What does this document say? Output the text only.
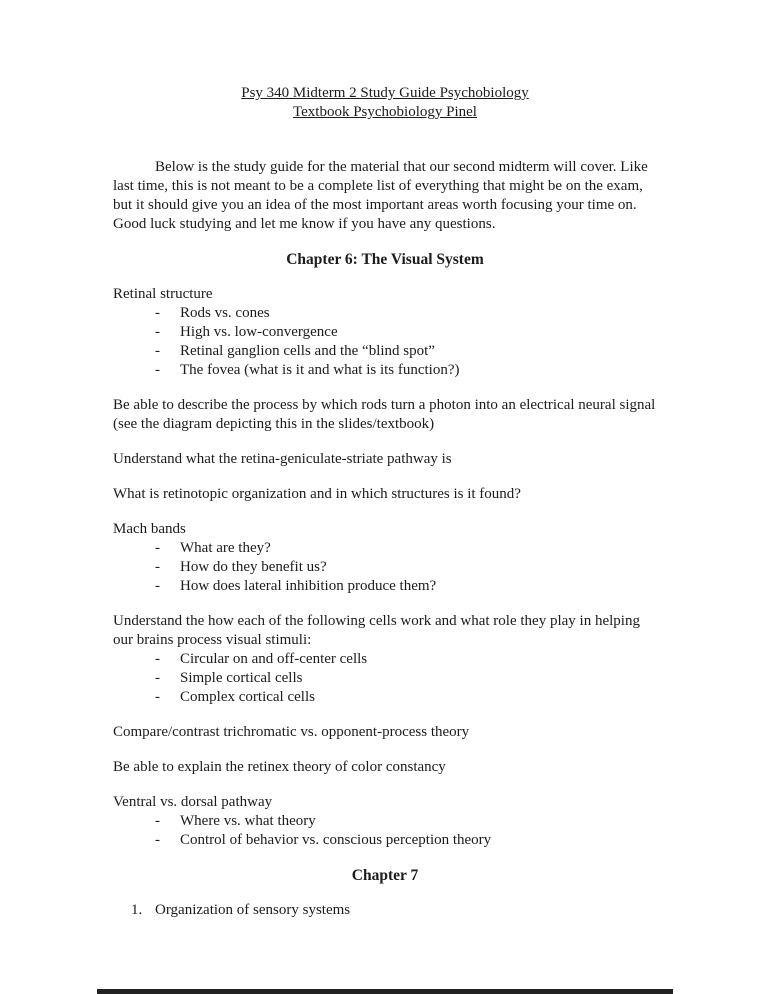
Psy 340 Midterm 2 Study Guide Psychobiology
Textbook Psychobiology Pinel
Below is the study guide for the material that our second midterm will cover. Like last time, this is not meant to be a complete list of everything that might be on the exam, but it should give you an idea of the most important areas worth focusing your time on. Good luck studying and let me know if you have any questions.
Chapter 6: The Visual System
Retinal structure
-	Rods vs. cones
-	High vs. low-convergence
-	Retinal ganglion cells and the “blind spot”
-	The fovea (what is it and what is its function?)
Be able to describe the process by which rods turn a photon into an electrical neural signal (see the diagram depicting this in the slides/textbook)
Understand what the retina-geniculate-striate pathway is
What is retinotopic organization and in which structures is it found?
Mach bands
-	What are they?
-	How do they benefit us?
-	How does lateral inhibition produce them?
Understand the how each of the following cells work and what role they play in helping our brains process visual stimuli:
-	Circular on and off-center cells
-	Simple cortical cells
-	Complex cortical cells
Compare/contrast trichromatic vs. opponent-process theory
Be able to explain the retinex theory of color constancy
Ventral vs. dorsal pathway
-	Where vs. what theory
-	Control of behavior vs. conscious perception theory
Chapter 7
1. Organization of sensory systems
